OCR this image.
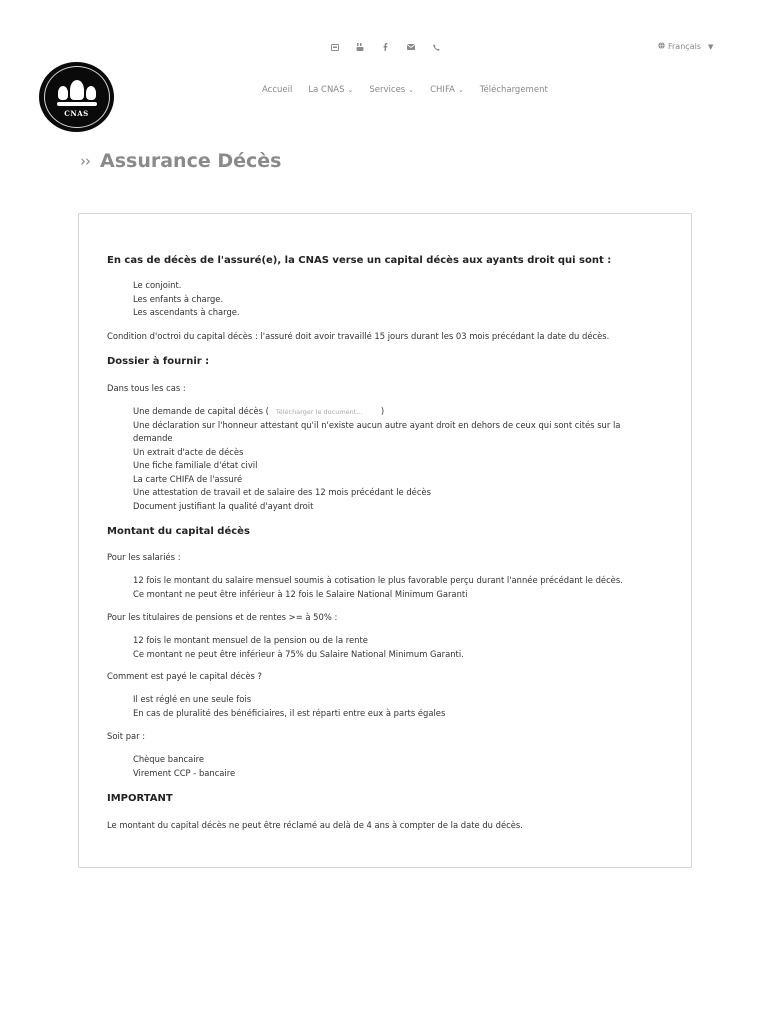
Français ▼
CNAS
Accueil La CNAS ⌄ Services ⌄ CHIFA ⌄ Téléchargement
›› Assurance Décès
En cas de décès de l'assuré(e), la CNAS verse un capital décès aux ayants droit qui sont :
Le conjoint.
Les enfants à charge.
Les ascendants à charge.
Condition d'octroi du capital décès : l'assuré doit avoir travaillé 15 jours durant les 03 mois précédant la date du décès.
Dossier à fournir :
Dans tous les cas :
Une demande de capital décès ( Télécharger le document... )
Une déclaration sur l'honneur attestant qu'il n'existe aucun autre ayant droit en dehors de ceux qui sont cités sur la
demande
Un extrait d'acte de décès
Une fiche familiale d'état civil
La carte CHIFA de l'assuré
Une attestation de travail et de salaire des 12 mois précédant le décès
Document justifiant la qualité d'ayant droit
Montant du capital décès
Pour les salariés :
12 fois le montant du salaire mensuel soumis à cotisation le plus favorable perçu durant l'année précédant le décès.
Ce montant ne peut être inférieur à 12 fois le Salaire National Minimum Garanti
Pour les titulaires de pensions et de rentes >= à 50% :
12 fois le montant mensuel de la pension ou de la rente
Ce montant ne peut être inférieur à 75% du Salaire National Minimum Garanti.
Comment est payé le capital décès ?
Il est réglé en une seule fois
En cas de pluralité des bénéficiaires, il est réparti entre eux à parts égales
Soit par :
Chèque bancaire
Virement CCP - bancaire
IMPORTANT
Le montant du capital décès ne peut être réclamé au delà de 4 ans à compter de la date du décès.
